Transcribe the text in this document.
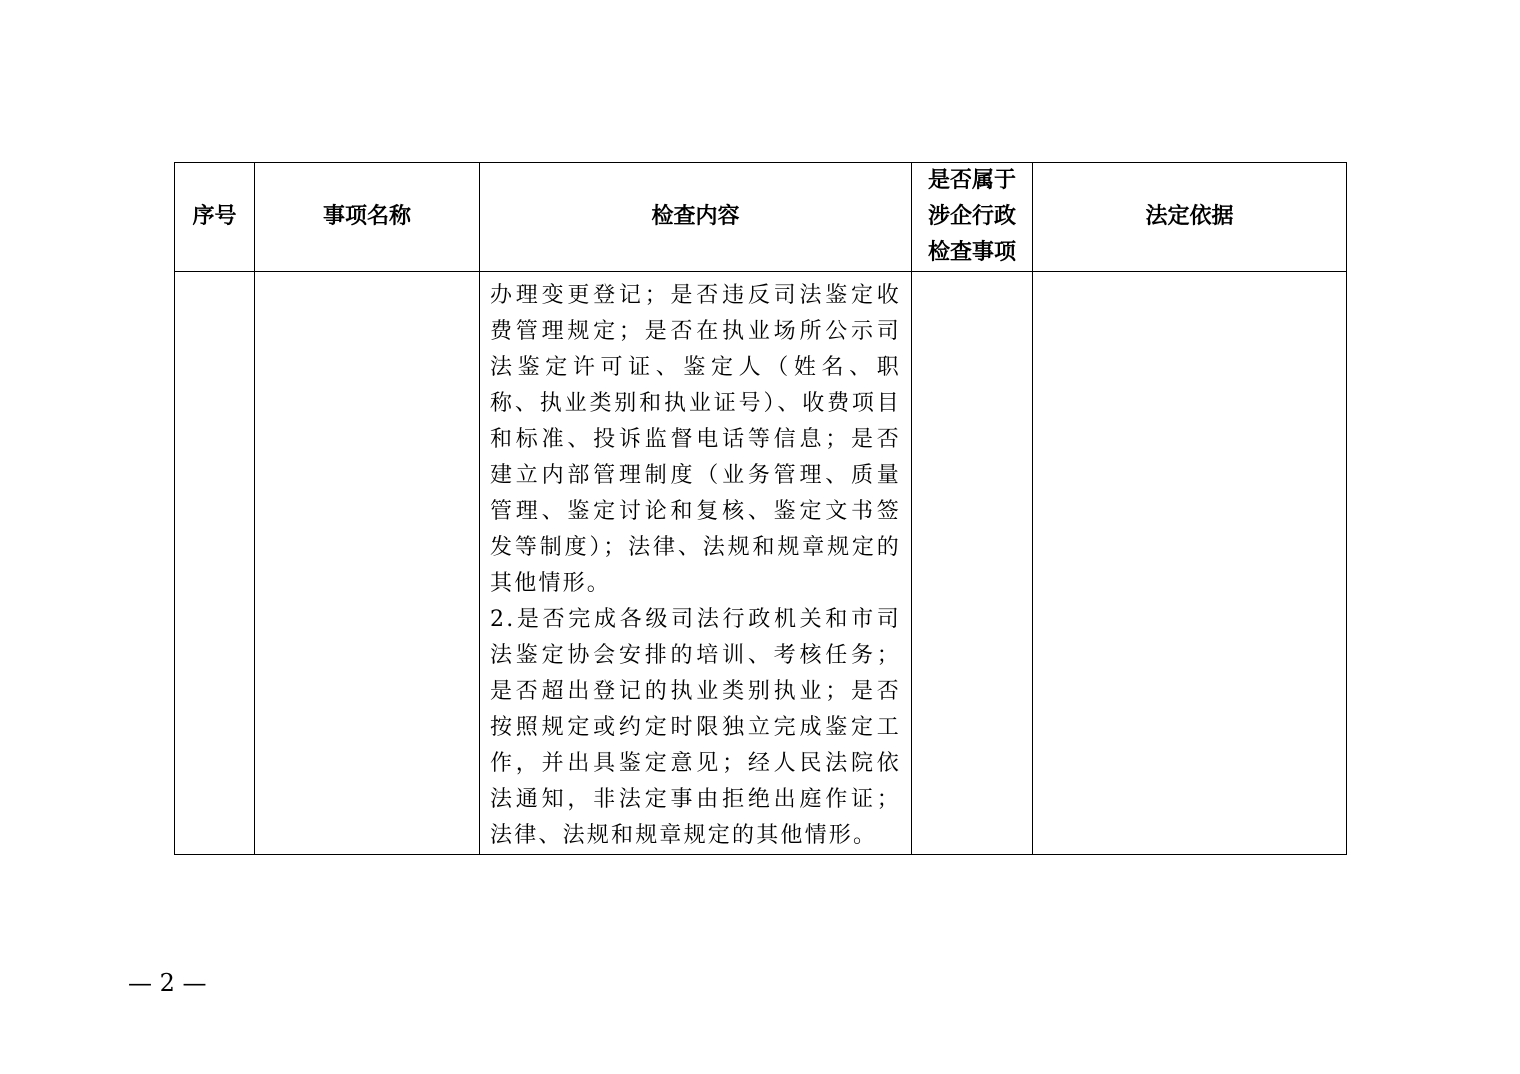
序号	事项名称	检查内容	是否属于
涉企行政
检查事项	法定依据

		办理变更登记；是否违反司法鉴定收费管理规定；是否在执业场所公示司法鉴定许可证、鉴定人（姓名、职称、执业类别和执业证号）、收费项目和标准、投诉监督电话等信息；是否建立内部管理制度（业务管理、质量管理、鉴定讨论和复核、鉴定文书签发等制度）；法律、法规和规章规定的其他情形。

2.是否完成各级司法行政机关和市司法鉴定协会安排的培训、考核任务；是否超出登记的执业类别执业；是否按照规定或约定时限独立完成鉴定工作，并出具鉴定意见；经人民法院依法通知，非法定事由拒绝出庭作证；法律、法规和规章规定的其他情形。		

— 2 —
